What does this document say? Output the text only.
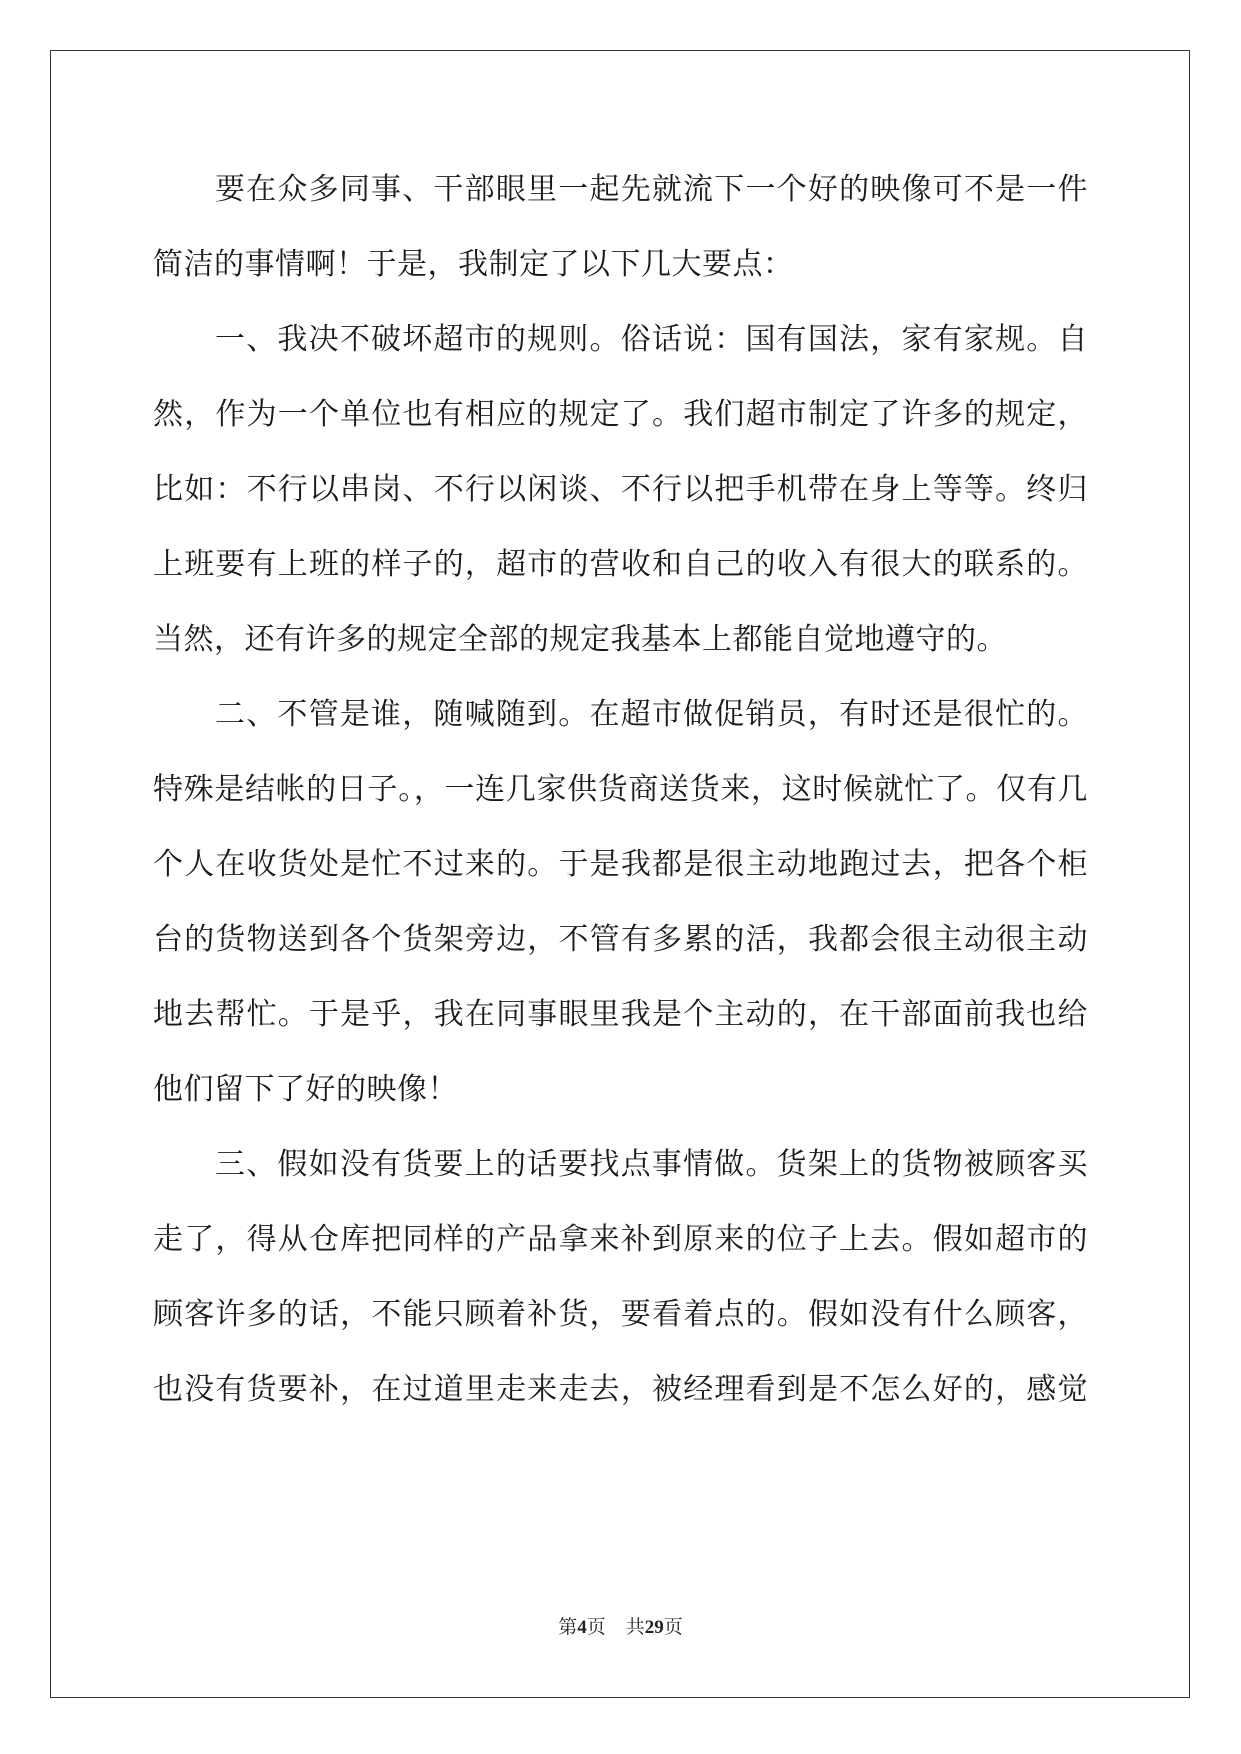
要在众多同事、干部眼里一起先就流下一个好的映像可不是一件
简洁的事情啊！于是，我制定了以下几大要点：
一、我决不破坏超市的规则。俗话说：国有国法，家有家规。自
然，作为一个单位也有相应的规定了。我们超市制定了许多的规定，
比如：不行以串岗、不行以闲谈、不行以把手机带在身上等等。终归
上班要有上班的样子的，超市的营收和自己的收入有很大的联系的。
当然，还有许多的规定全部的规定我基本上都能自觉地遵守的。
二、不管是谁，随喊随到。在超市做促销员，有时还是很忙的。
特殊是结帐的日子。，一连几家供货商送货来，这时候就忙了。仅有几
个人在收货处是忙不过来的。于是我都是很主动地跑过去，把各个柜
台的货物送到各个货架旁边，不管有多累的活，我都会很主动很主动
地去帮忙。于是乎，我在同事眼里我是个主动的，在干部面前我也给
他们留下了好的映像！
三、假如没有货要上的话要找点事情做。货架上的货物被顾客买
走了，得从仓库把同样的产品拿来补到原来的位子上去。假如超市的
顾客许多的话，不能只顾着补货，要看着点的。假如没有什么顾客，
也没有货要补，在过道里走来走去，被经理看到是不怎么好的，感觉
第4页 共29页
